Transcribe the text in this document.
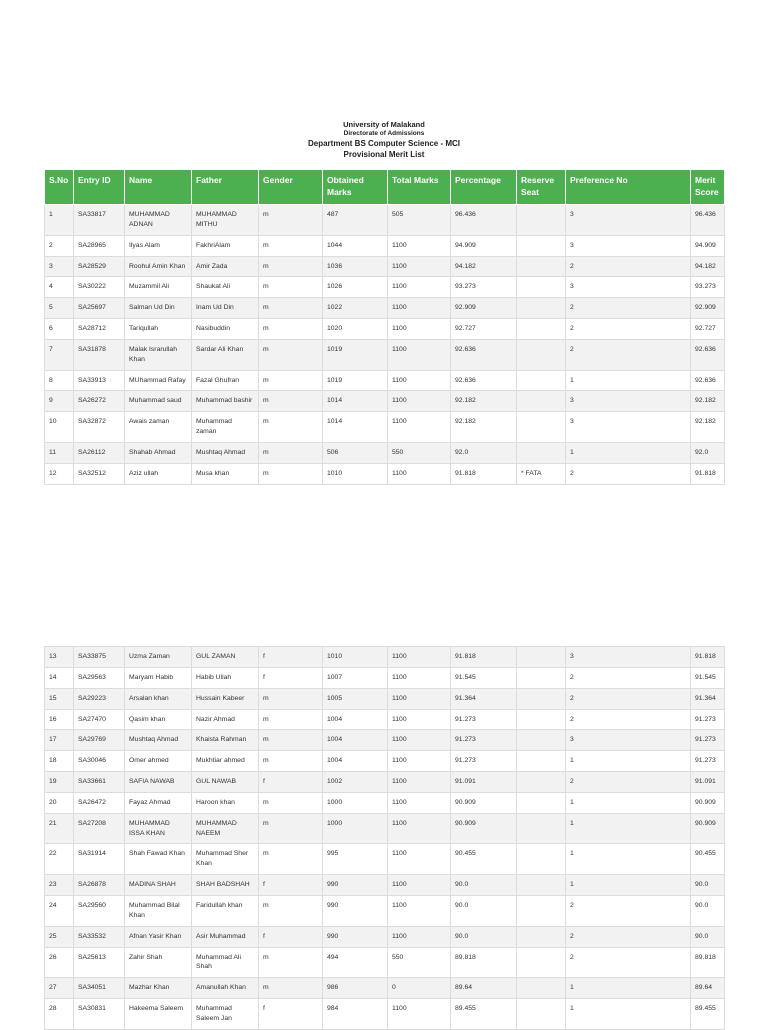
University of Malakand
Directorate of Admissions
Department BS Computer Science - MCI
Provisional Merit List
S.No	Entry ID	Name	Father	Gender	Obtained Marks	Total Marks	Percentage	Reserve Seat	Preference No	Merit Score
1	SA33817	MUHAMMAD ADNAN	MUHAMMAD MITHU	m	487	505	96.436		3	96.436
2	SA28965	Ilyas Alam	FakhriAlam	m	1044	1100	94.909		3	94.909
3	SA28529	Roohul Amin Khan	Amir Zada	m	1036	1100	94.182		2	94.182
4	SA30222	Muzammil Ali	Shaukat Ali	m	1026	1100	93.273		3	93.273
5	SA25697	Salman Ud Din	Inam Ud Din	m	1022	1100	92.909		2	92.909
6	SA28712	Tariqullah	Nasibuddin	m	1020	1100	92.727		2	92.727
7	SA31878	Malak Israrullah Khan	Sardar Ali Khan	m	1019	1100	92.636		2	92.636
8	SA33913	MUhammad Rafay	Fazal Ghufran	m	1019	1100	92.636		1	92.636
9	SA26272	Muhammad saud	Muhammad bashir	m	1014	1100	92.182		3	92.182
10	SA32872	Awais zaman	Muhammad zaman	m	1014	1100	92.182		3	92.182
11	SA26112	Shahab Ahmad	Mushtaq Ahmad	m	506	550	92.0		1	92.0
12	SA32512	Aziz ullah	Musa khan	m	1010	1100	91.818	* FATA	2	91.818
13	SA33875	Uzma Zaman	GUL ZAMAN	f	1010	1100	91.818		3	91.818
14	SA29563	Maryam Habib	Habib Ullah	f	1007	1100	91.545		2	91.545
15	SA29223	Arsalan khan	Hussain Kabeer	m	1005	1100	91.364		2	91.364
16	SA27470	Qasim khan	Nazir Ahmad	m	1004	1100	91.273		2	91.273
17	SA29769	Mushtaq Ahmad	Khaista Rahman	m	1004	1100	91.273		3	91.273
18	SA30046	Omer ahmed	Mukhtiar ahmed	m	1004	1100	91.273		1	91.273
19	SA33661	SAFIA NAWAB	GUL NAWAB	f	1002	1100	91.091		2	91.091
20	SA26472	Fayaz Ahmad	Haroon khan	m	1000	1100	90.909		1	90.909
21	SA27208	MUHAMMAD ISSA KHAN	MUHAMMAD NAEEM	m	1000	1100	90.909		1	90.909
22	SA31914	Shah Fawad Khan	Muhammad Sher Khan	m	995	1100	90.455		1	90.455
23	SA26878	MADINA SHAH	SHAH BADSHAH	f	990	1100	90.0		1	90.0
24	SA29560	Muhammad Bilal Khan	Faridullah khan	m	990	1100	90.0		2	90.0
25	SA33532	Afnan Yasir Khan	Asir Muhammad	f	990	1100	90.0		2	90.0
26	SA25613	Zahir Shah	Muhammad Ali Shah	m	494	550	89.818		2	89.818
27	SA34051	Mazhar Khan	Amanullah Khan	m	986	0	89.64		1	89.64
28	SA30831	Hakeema Saleem	Muhammad Saleem Jan	f	984	1100	89.455		1	89.455
